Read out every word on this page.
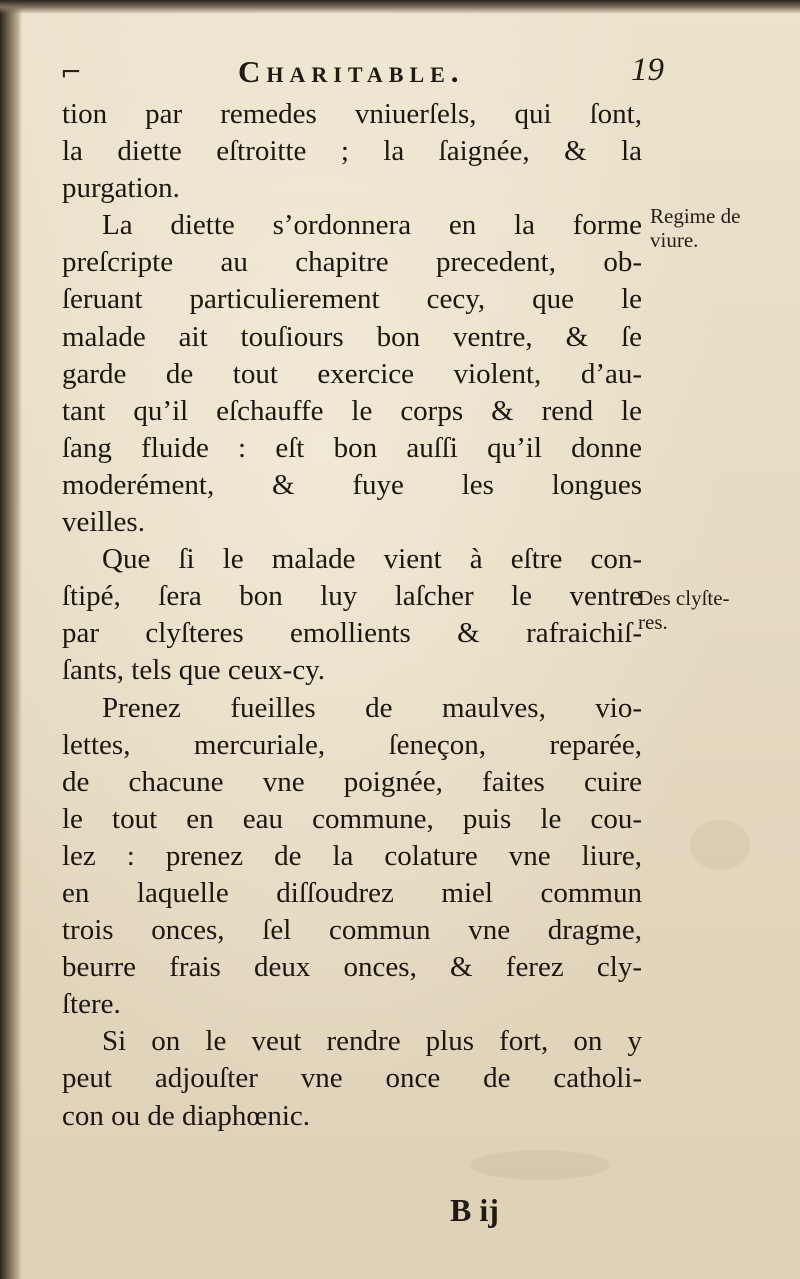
⌐	Charitable.	19
tion par remedes vniuerſels, qui ſont,
la diette eſtroitte ; la ſaignée, & la
purgation.
La diette s’ordonnera en la forme
preſcripte au chapitre precedent, ob-
ſeruant particulierement cecy, que le
malade ait touſiours bon ventre, & ſe
garde de tout exercice violent, d’au-
tant qu’il eſchauffe le corps & rend le
ſang fluide : eſt bon auſſi qu’il donne
moderément, & fuye les longues
veilles.
Que ſi le malade vient à eſtre con-
ſtipé, ſera bon luy laſcher le ventre
par clyſteres emollients & rafraichiſ-
ſants, tels que ceux-cy.
Prenez fueilles de maulves, vio-
lettes, mercuriale, ſeneçon, reparée,
de chacune vne poignée, faites cuire
le tout en eau commune, puis le cou-
lez : prenez de la colature vne liure,
en laquelle diſſoudrez miel commun
trois onces, ſel commun vne dragme,
beurre frais deux onces, & ferez cly-
ſtere.
Si on le veut rendre plus fort, on y
peut adjouſter vne once de catholi-
con ou de diaphœnic.
Regime de
viure.
Des clyſte-
res.
B ij
